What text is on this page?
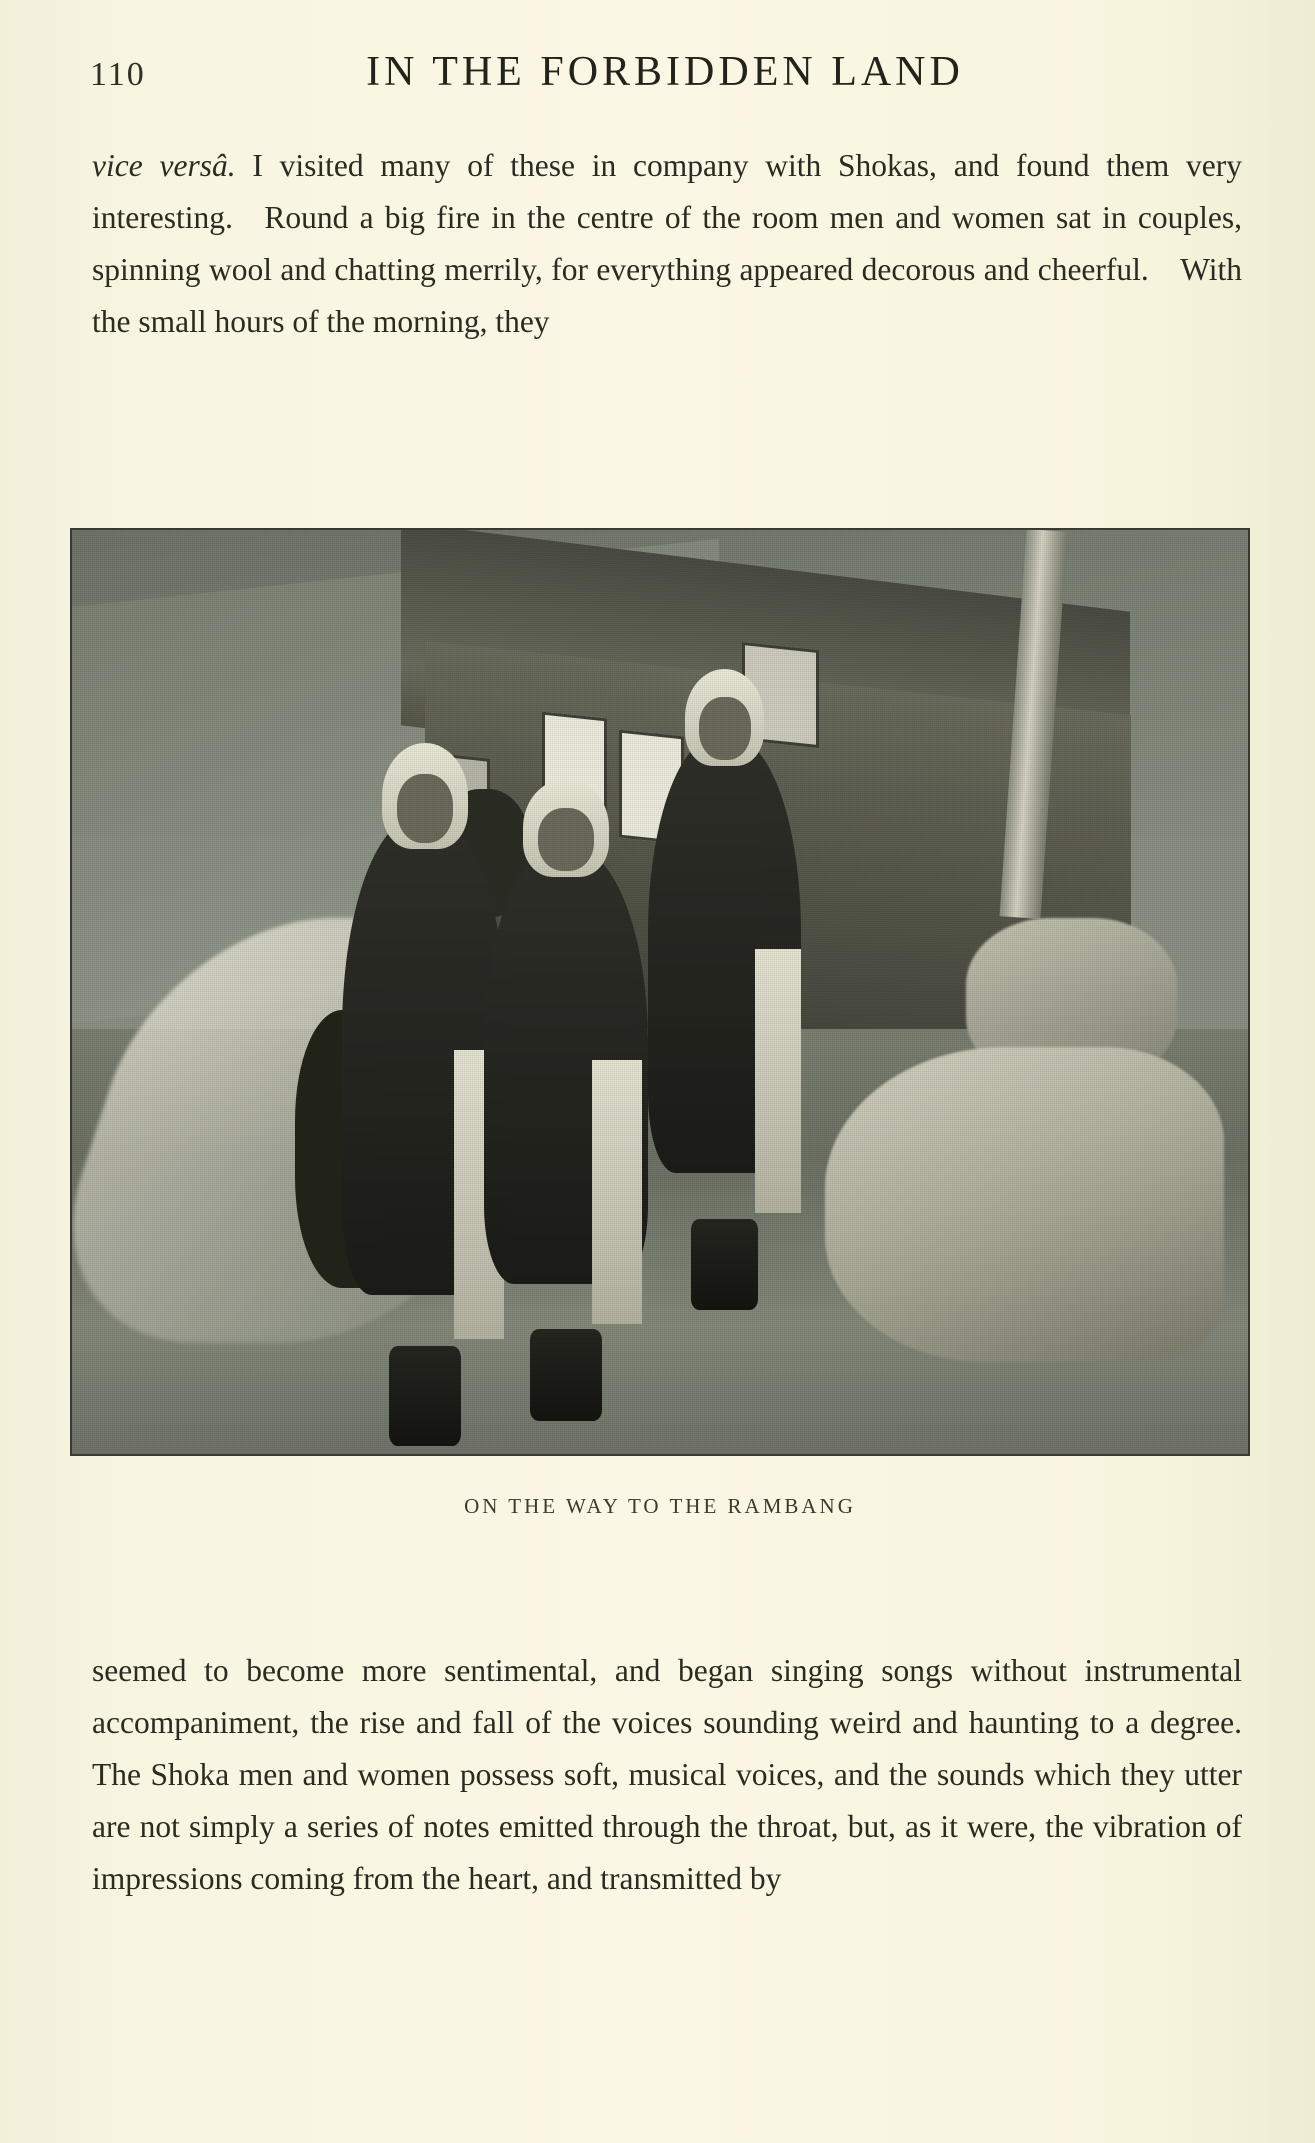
110	IN THE FORBIDDEN LAND

vice versâ. I visited many of these in company with Shokas, and found them very interesting. Round a big fire in the centre of the room men and women sat in couples, spinning wool and chatting merrily, for everything appeared decorous and cheerful. With the small hours of the morning, they

ON THE WAY TO THE RAMBANG

seemed to become more sentimental, and began singing songs without instrumental accompaniment, the rise and fall of the voices sounding weird and haunting to a degree. The Shoka men and women possess soft, musical voices, and the sounds which they utter are not simply a series of notes emitted through the throat, but, as it were, the vibration of impressions coming from the heart, and transmitted by
